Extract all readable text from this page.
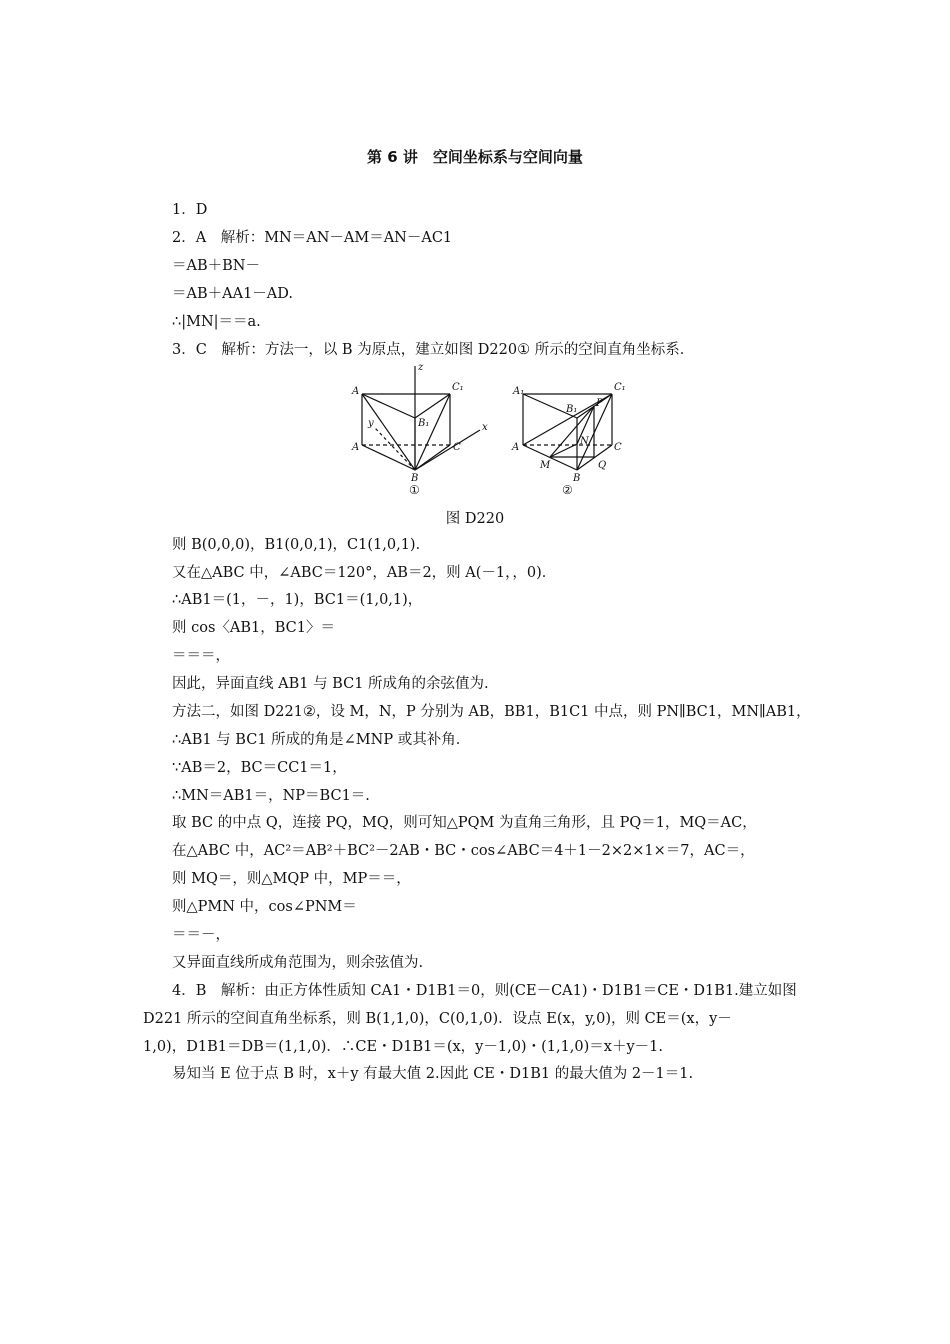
第 6 讲　空间坐标系与空间向量
1．D
2．A　解析：MN＝AN－AM＝AN－AC1
＝AB＋BN－
＝AB＋AA1－AD.
∴|MN|＝＝a.
3．C　解析：方法一，以 B 为原点，建立如图 D220① 所示的空间直角坐标系．
A	C₁
z
B₁
y	x
A	C
B
①
A₁	C₁
B₁
P
N
A
M	Q
C
B
②
图 D220
则 B(0,0,0)，B1(0,0,1)，C1(1,0,1)．
又在△ABC 中，∠ABC＝120°，AB＝2，则 A(－1，，0)．
∴AB1＝(1，－，1)，BC1＝(1,0,1)，
则 cos〈AB1，BC1〉＝
＝＝＝，
因此，异面直线 AB1 与 BC1 所成角的余弦值为.
方法二，如图 D221②，设 M，N，P 分别为 AB，BB1，B1C1 中点，则 PN∥BC1，MN∥AB1，
∴AB1 与 BC1 所成的角是∠MNP 或其补角．
∵AB＝2，BC＝CC1＝1，
∴MN＝AB1＝，NP＝BC1＝.
取 BC 的中点 Q，连接 PQ，MQ，则可知△PQM 为直角三角形，且 PQ＝1，MQ＝AC，
在△ABC 中，AC²＝AB²＋BC²－2AB・BC・cos∠ABC＝4＋1－2×2×1×＝7，AC＝，
则 MQ＝，则△MQP 中，MP＝＝，
则△PMN 中，cos∠PNM＝
＝＝－，
又异面直线所成角范围为，则余弦值为.
4．B　解析：由正方体性质知 CA1・D1B1＝0，则(CE－CA1)・D1B1＝CE・D1B1.建立如图
D221 所示的空间直角坐标系，则 B(1,1,0)，C(0,1,0)．设点 E(x，y,0)，则 CE＝(x，y－
1,0)，D1B1＝DB＝(1,1,0)．∴CE・D1B1＝(x，y－1,0)・(1,1,0)＝x＋y－1.
易知当 E 位于点 B 时，x＋y 有最大值 2.因此 CE・D1B1 的最大值为 2－1＝1.
